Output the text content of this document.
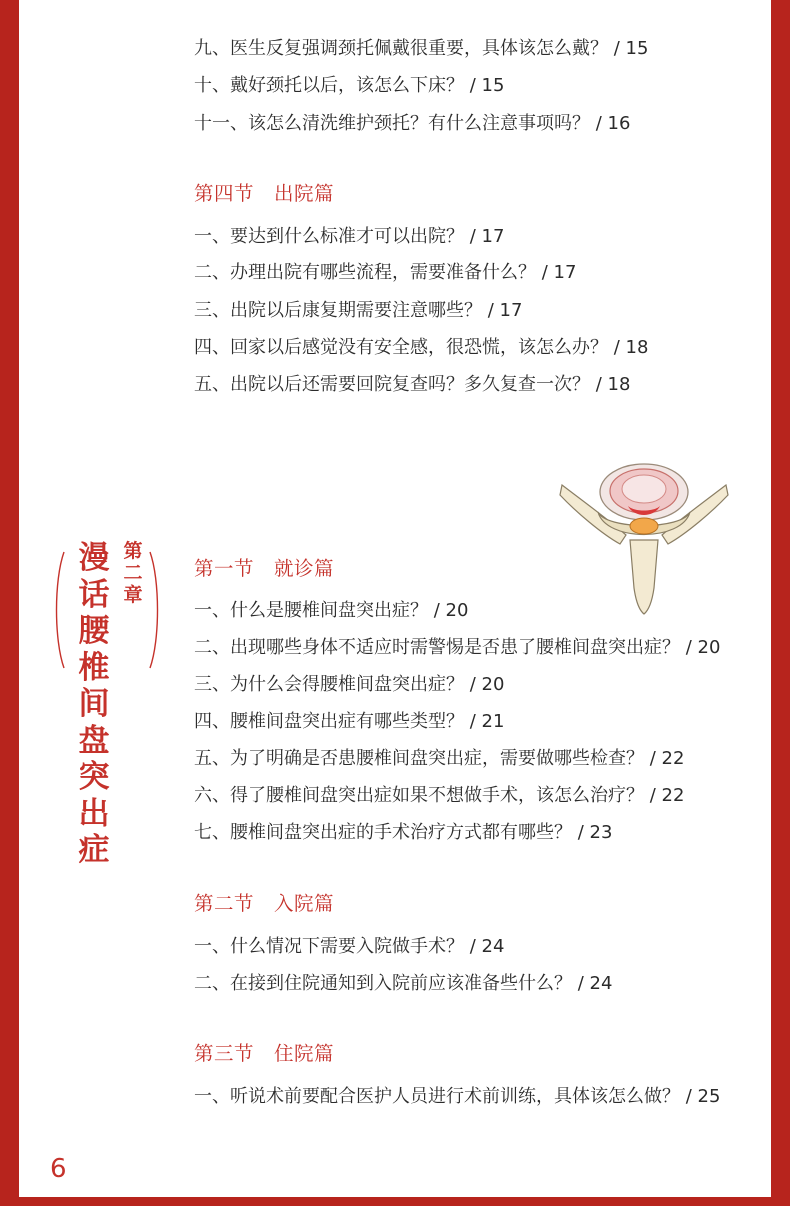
九、医生反复强调颈托佩戴很重要，具体该怎么戴？ / 15
十、戴好颈托以后，该怎么下床？ / 15
十一、该怎么清洗维护颈托？有什么注意事项吗？ / 16
第四节　出院篇
一、要达到什么标准才可以出院？ / 17
二、办理出院有哪些流程，需要准备什么？ / 17
三、出院以后康复期需要注意哪些？ / 17
四、回家以后感觉没有安全感，很恐慌，该怎么办？ / 18
五、出院以后还需要回院复查吗？多久复查一次？ / 18
漫话腰椎间盘突出症
第二章
第一节　就诊篇
一、什么是腰椎间盘突出症？ / 20
二、出现哪些身体不适应时需警惕是否患了腰椎间盘突出症？ / 20
三、为什么会得腰椎间盘突出症？ / 20
四、腰椎间盘突出症有哪些类型？ / 21
五、为了明确是否患腰椎间盘突出症，需要做哪些检查？ / 22
六、得了腰椎间盘突出症如果不想做手术，该怎么治疗？ / 22
七、腰椎间盘突出症的手术治疗方式都有哪些？ / 23
第二节　入院篇
一、什么情况下需要入院做手术？ / 24
二、在接到住院通知到入院前应该准备些什么？ / 24
第三节　住院篇
一、听说术前要配合医护人员进行术前训练，具体该怎么做？ / 25
6
